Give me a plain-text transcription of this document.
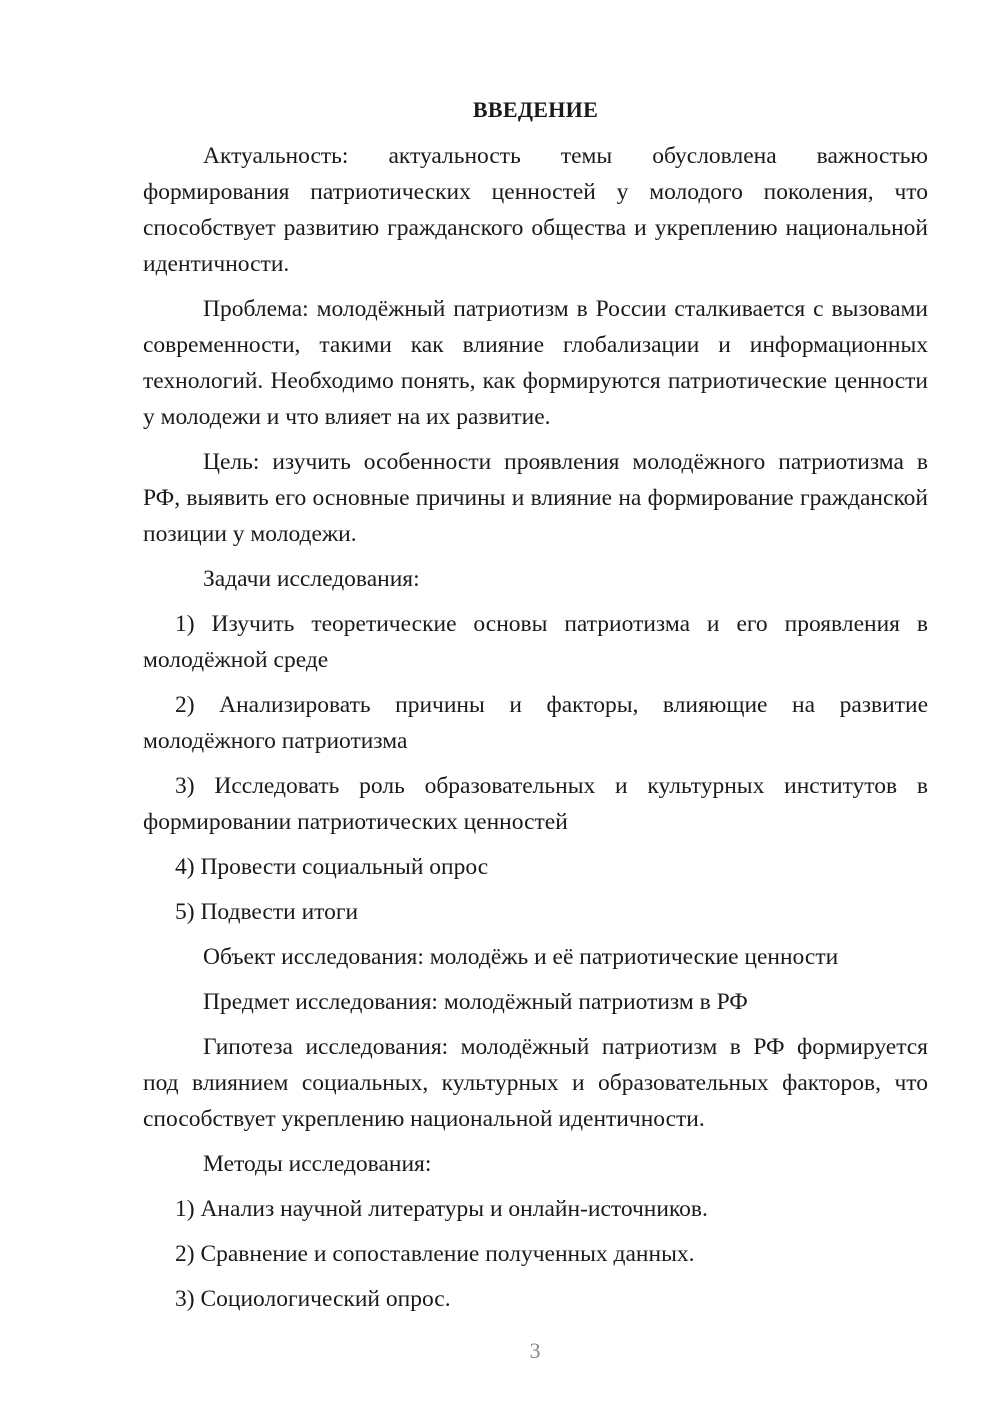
ВВЕДЕНИЕ

Актуальность: актуальность темы обусловлена важностью формирования патриотических ценностей у молодого поколения, что способствует развитию гражданского общества и укреплению национальной идентичности.

Проблема: молодёжный патриотизм в России сталкивается с вызовами современности, такими как влияние глобализации и информационных технологий. Необходимо понять, как формируются патриотические ценности у молодежи и что влияет на их развитие.

Цель: изучить особенности проявления молодёжного патриотизма в РФ, выявить его основные причины и влияние на формирование гражданской позиции у молодежи.

Задачи исследования:

1) Изучить теоретические основы патриотизма и его проявления в молодёжной среде

2) Анализировать причины и факторы, влияющие на развитие молодёжного патриотизма

3) Исследовать роль образовательных и культурных институтов в формировании патриотических ценностей

4) Провести социальный опрос

5) Подвести итоги

Объект исследования: молодёжь и её патриотические ценности

Предмет исследования: молодёжный патриотизм в РФ

Гипотеза исследования: молодёжный патриотизм в РФ формируется под влиянием социальных, культурных и образовательных факторов, что способствует укреплению национальной идентичности.

Методы исследования:

1) Анализ научной литературы и онлайн-источников.

2) Сравнение и сопоставление полученных данных.

3) Социологический опрос.

3
